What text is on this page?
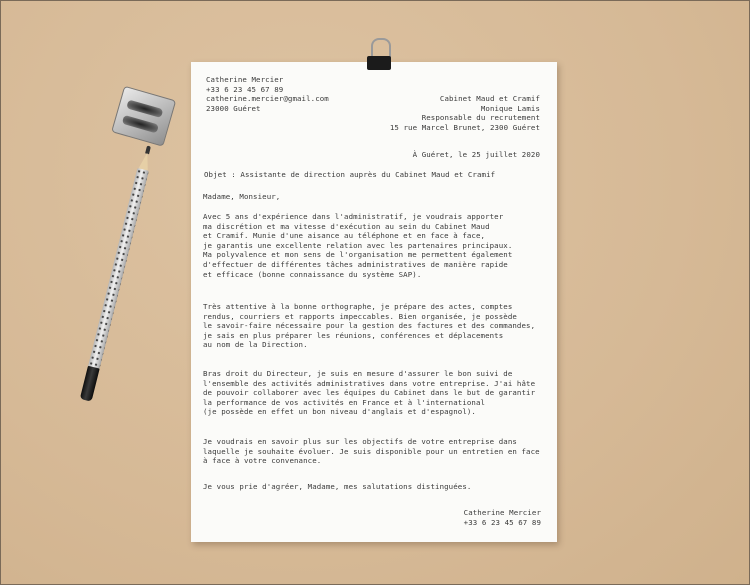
Catherine Mercier
+33 6 23 45 67 89
catherine.mercier@gmail.com
23000 Guéret
Cabinet Maud et Cramif
Monique Lamis
Responsable du recrutement
15 rue Marcel Brunet, 2300 Guéret
À Guéret, le 25 juillet 2020
Objet : Assistante de direction auprès du Cabinet Maud et Cramif
Madame, Monsieur,
Avec 5 ans d'expérience dans l'administratif, je voudrais apporter
ma discrétion et ma vitesse d'exécution au sein du Cabinet Maud
et Cramif. Munie d'une aisance au téléphone et en face à face,
je garantis une excellente relation avec les partenaires principaux.
Ma polyvalence et mon sens de l'organisation me permettent également
d'effectuer de différentes tâches administratives de manière rapide
et efficace (bonne connaissance du système SAP).
Très attentive à la bonne orthographe, je prépare des actes, comptes
rendus, courriers et rapports impeccables. Bien organisée, je possède
le savoir-faire nécessaire pour la gestion des factures et des commandes,
je sais en plus préparer les réunions, conférences et déplacements
au nom de la Direction.
Bras droit du Directeur, je suis en mesure d'assurer le bon suivi de
l'ensemble des activités administratives dans votre entreprise. J'ai hâte
de pouvoir collaborer avec les équipes du Cabinet dans le but de garantir
la performance de vos activités en France et à l'international
(je possède en effet un bon niveau d'anglais et d'espagnol).
Je voudrais en savoir plus sur les objectifs de votre entreprise dans
laquelle je souhaite évoluer. Je suis disponible pour un entretien en face
à face à votre convenance.
Je vous prie d'agréer, Madame, mes salutations distinguées.
Catherine Mercier
+33 6 23 45 67 89
